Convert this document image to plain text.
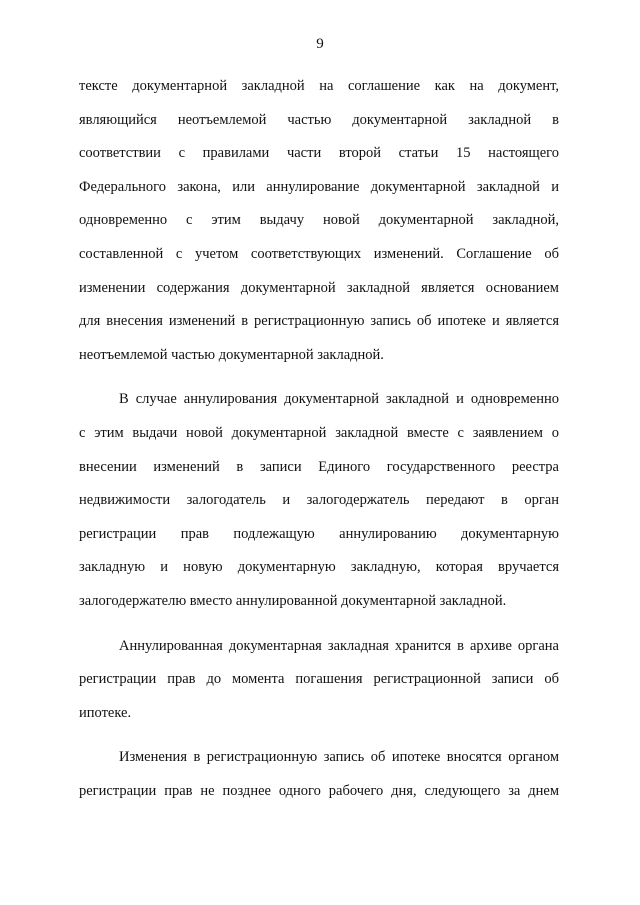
9
тексте документарной закладной на соглашение как на документ,
являющийся неотъемлемой частью документарной закладной в
соответствии с правилами части второй статьи 15 настоящего
Федерального закона, или аннулирование документарной закладной и
одновременно с этим выдачу новой документарной закладной,
составленной с учетом соответствующих изменений. Соглашение об
изменении содержания документарной закладной является основанием
для внесения изменений в регистрационную запись об ипотеке и является
неотъемлемой частью документарной закладной.
В случае аннулирования документарной закладной и одновременно
с этим выдачи новой документарной закладной вместе с заявлением о
внесении изменений в записи Единого государственного реестра
недвижимости залогодатель и залогодержатель передают в орган
регистрации прав подлежащую аннулированию документарную
закладную и новую документарную закладную, которая вручается
залогодержателю вместо аннулированной документарной закладной.
Аннулированная документарная закладная хранится в архиве органа
регистрации прав до момента погашения регистрационной записи об
ипотеке.
Изменения в регистрационную запись об ипотеке вносятся органом
регистрации прав не позднее одного рабочего дня, следующего за днем
